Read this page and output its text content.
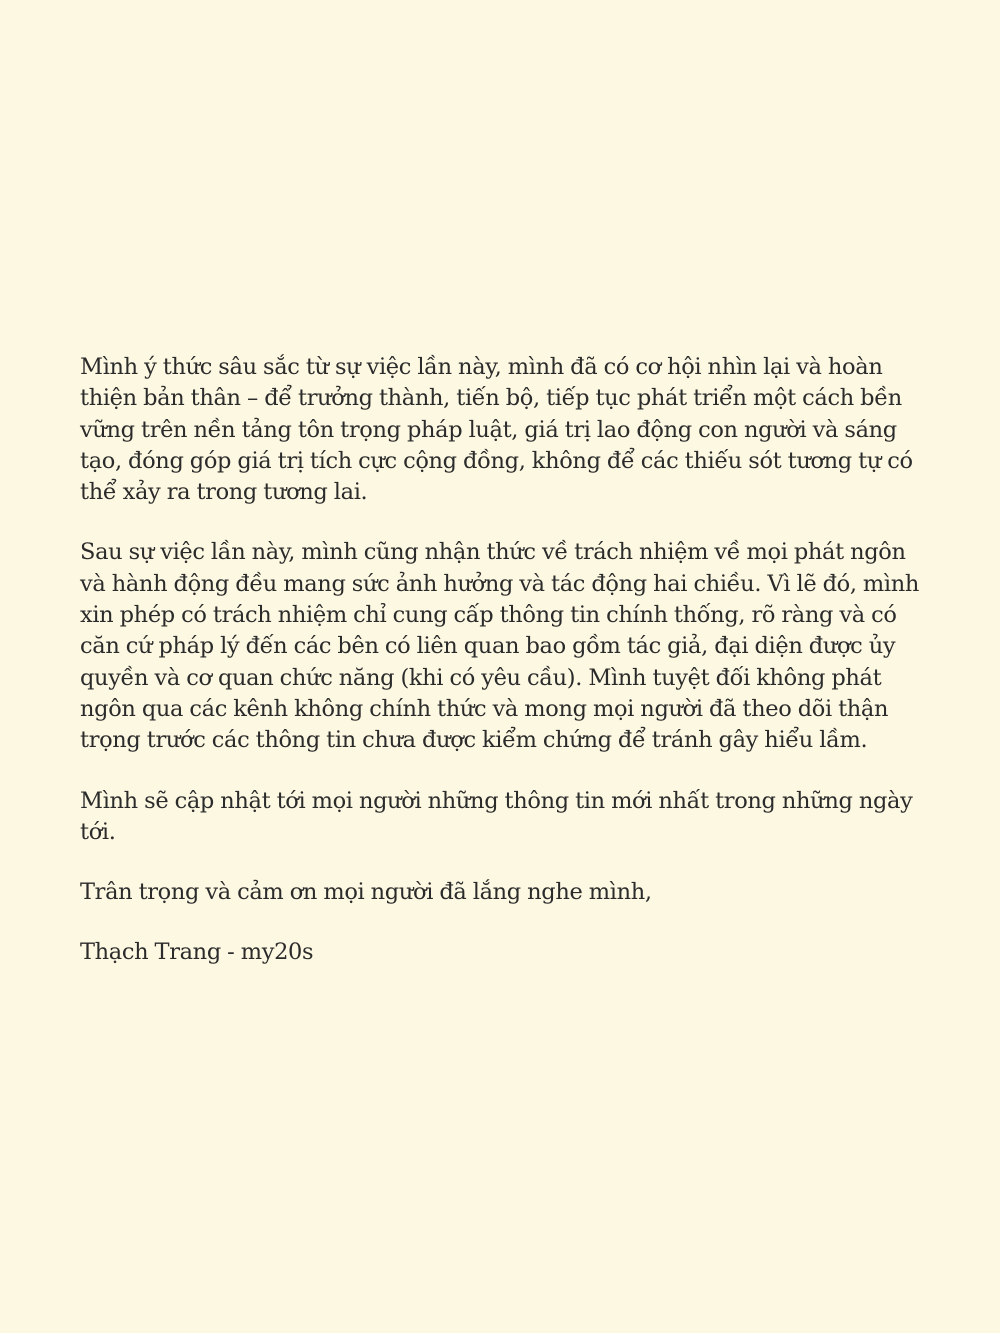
Mình ý thức sâu sắc từ sự việc lần này, mình đã có cơ hội nhìn lại và hoàn
thiện bản thân – để trưởng thành, tiến bộ, tiếp tục phát triển một cách bền
vững trên nền tảng tôn trọng pháp luật, giá trị lao động con người và sáng
tạo, đóng góp giá trị tích cực cộng đồng, không để các thiếu sót tương tự có
thể xảy ra trong tương lai.

Sau sự việc lần này, mình cũng nhận thức về trách nhiệm về mọi phát ngôn
và hành động đều mang sức ảnh hưởng và tác động hai chiều. Vì lẽ đó, mình
xin phép có trách nhiệm chỉ cung cấp thông tin chính thống, rõ ràng và có
căn cứ pháp lý đến các bên có liên quan bao gồm tác giả, đại diện được ủy
quyền và cơ quan chức năng (khi có yêu cầu). Mình tuyệt đối không phát
ngôn qua các kênh không chính thức và mong mọi người đã theo dõi thận
trọng trước các thông tin chưa được kiểm chứng để tránh gây hiểu lầm.

Mình sẽ cập nhật tới mọi người những thông tin mới nhất trong những ngày
tới.

Trân trọng và cảm ơn mọi người đã lắng nghe mình,

Thạch Trang - my20s
